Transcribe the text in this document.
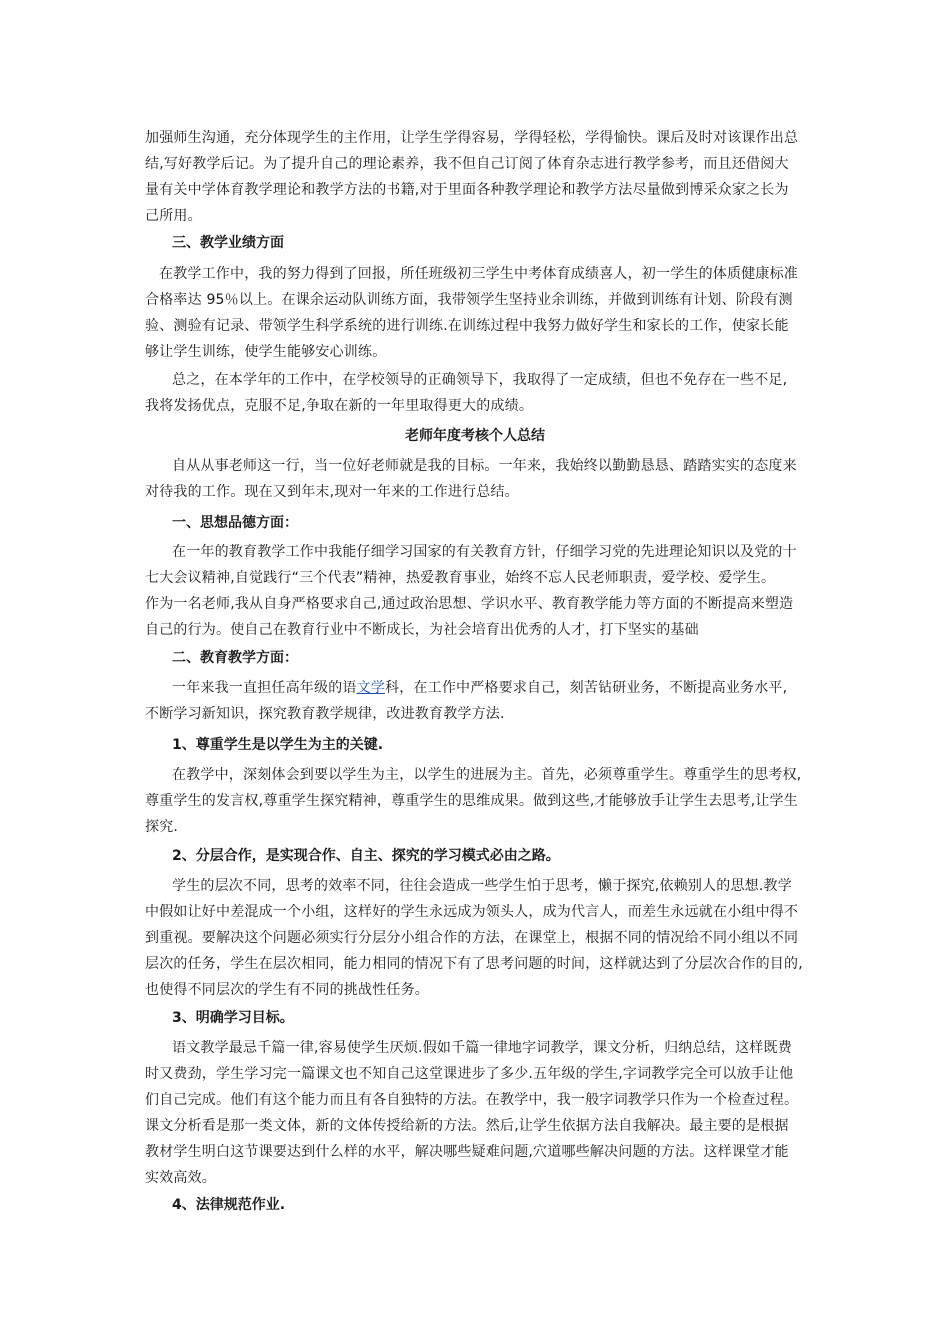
加强师生沟通，充分体现学生的主作用，让学生学得容易，学得轻松，学得愉快。课后及时对该课作出总
结,写好教学后记。为了提升自己的理论素养，我不但自己订阅了体育杂志进行教学参考，而且还借阅大
量有关中学体育教学理论和教学方法的书籍,对于里面各种教学理论和教学方法尽量做到博采众家之长为
己所用。
三、教学业绩方面
在教学工作中，我的努力得到了回报，所任班级初三学生中考体育成绩喜人，初一学生的体质健康标准
合格率达 95％以上。在课余运动队训练方面，我带领学生坚持业余训练，并做到训练有计划、阶段有测
验、测验有记录、带领学生科学系统的进行训练.在训练过程中我努力做好学生和家长的工作，使家长能
够让学生训练，使学生能够安心训练。
总之，在本学年的工作中，在学校领导的正确领导下，我取得了一定成绩，但也不免存在一些不足,
我将发扬优点，克服不足,争取在新的一年里取得更大的成绩。
老师年度考核个人总结
自从从事老师这一行，当一位好老师就是我的目标。一年来，我始终以勤勤恳恳、踏踏实实的态度来
对待我的工作。现在又到年末,现对一年来的工作进行总结。
一、思想品德方面：
在一年的教育教学工作中我能仔细学习国家的有关教育方针，仔细学习党的先进理论知识以及党的十
七大会议精神,自觉践行“三个代表”精神，热爱教育事业，始终不忘人民老师职责，爱学校、爱学生。
作为一名老师,我从自身严格要求自己,通过政治思想、学识水平、教育教学能力等方面的不断提高来塑造
自己的行为。使自己在教育行业中不断成长，为社会培育出优秀的人才，打下坚实的基础
二、教育教学方面：
一年来我一直担任高年级的语文学科，在工作中严格要求自己，刻苦钻研业务，不断提高业务水平,
不断学习新知识，探究教育教学规律，改进教育教学方法.
1、尊重学生是以学生为主的关键.
在教学中，深刻体会到要以学生为主，以学生的进展为主。首先，必须尊重学生。尊重学生的思考权,
尊重学生的发言权,尊重学生探究精神，尊重学生的思维成果。做到这些,才能够放手让学生去思考,让学生
探究.
2、分层合作，是实现合作、自主、探究的学习模式必由之路。
学生的层次不同，思考的效率不同，往往会造成一些学生怕于思考，懒于探究,依赖别人的思想.教学
中假如让好中差混成一个小组，这样好的学生永远成为领头人，成为代言人，而差生永远就在小组中得不
到重视。要解决这个问题必须实行分层分小组合作的方法，在课堂上，根据不同的情况给不同小组以不同
层次的任务，学生在层次相同，能力相同的情况下有了思考问题的时间，这样就达到了分层次合作的目的,
也使得不同层次的学生有不同的挑战性任务。
3、明确学习目标。
语文教学最忌千篇一律,容易使学生厌烦.假如千篇一律地字词教学，课文分析，归纳总结，这样既费
时又费劲，学生学习完一篇课文也不知自己这堂课进步了多少.五年级的学生,字词教学完全可以放手让他
们自己完成。他们有这个能力而且有各自独特的方法。在教学中，我一般字词教学只作为一个检查过程。
课文分析看是那一类文体，新的文体传授给新的方法。然后,让学生依据方法自我解决。最主要的是根据
教材学生明白这节课要达到什么样的水平，解决哪些疑难问题,穴道哪些解决问题的方法。这样课堂才能
实效高效。
4、法律规范作业.
